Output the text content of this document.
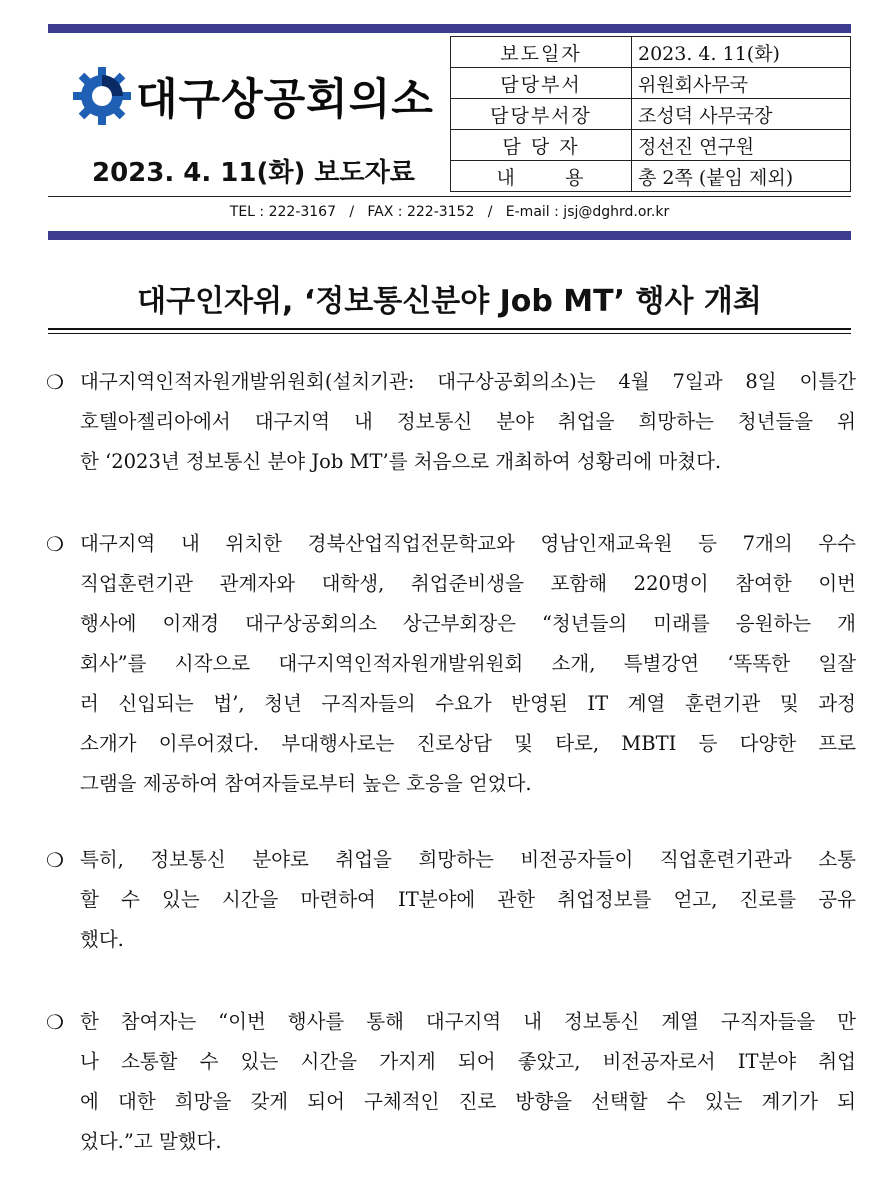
대구상공회의소
2023. 4. 11(화) 보도자료
보도일자	2023. 4. 11(화)
담당부서	위원회사무국
담당부서장	조성덕 사무국장
담 당 자	정선진 연구원
내      용	총 2쪽 (붙임 제외)
TEL : 222-3167   /   FAX : 222-3152   /   E-mail : jsj@dghrd.or.kr
대구인자위, ‘정보통신분야 Job MT’ 행사 개최
❍ 대구지역인적자원개발위원회(설치기관: 대구상공회의소)는 4월 7일과 8일 이틀간
호텔아젤리아에서 대구지역 내 정보통신 분야 취업을 희망하는 청년들을 위
한 ‘2023년 정보통신 분야 Job MT’를 처음으로 개최하여 성황리에 마쳤다.
❍ 대구지역 내 위치한 경북산업직업전문학교와 영남인재교육원 등 7개의 우수
직업훈련기관 관계자와 대학생, 취업준비생을 포함해 220명이 참여한 이번
행사에 이재경 대구상공회의소 상근부회장은 “청년들의 미래를 응원하는 개
회사”를 시작으로 대구지역인적자원개발위원회 소개, 특별강연 ‘똑똑한 일잘
러 신입되는 법’, 청년 구직자들의 수요가 반영된 IT 계열 훈련기관 및 과정
소개가 이루어졌다. 부대행사로는 진로상담 및 타로, MBTI 등 다양한 프로
그램을 제공하여 참여자들로부터 높은 호응을 얻었다.
❍ 특히, 정보통신 분야로 취업을 희망하는 비전공자들이 직업훈련기관과 소통
할 수 있는 시간을 마련하여 IT분야에 관한 취업정보를 얻고, 진로를 공유
했다.
❍ 한 참여자는 “이번 행사를 통해 대구지역 내 정보통신 계열 구직자들을 만
나 소통할 수 있는 시간을 가지게 되어 좋았고, 비전공자로서 IT분야 취업
에 대한 희망을 갖게 되어 구체적인 진로 방향을 선택할 수 있는 계기가 되
었다.”고 말했다.
